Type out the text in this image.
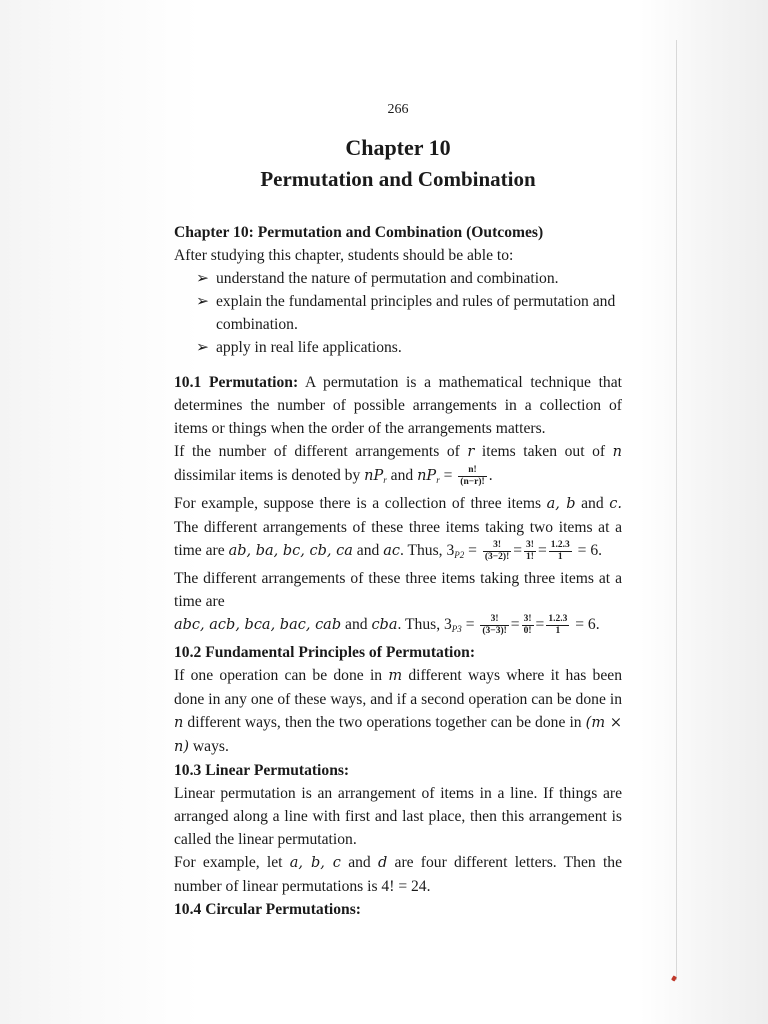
266
Chapter 10
Permutation and Combination

Chapter 10: Permutation and Combination (Outcomes)

After studying this chapter, students should be able to:

➢ understand the nature of permutation and combination.
➢ explain the fundamental principles and rules of permutation and
combination.
➢ apply in real life applications.

10.1 Permutation: A permutation is a mathematical technique that determines the number of possible arrangements in a collection of items or things when the order of the arrangements matters.

If the number of different arrangements of r items taken out of n dissimilar items is denoted by $nP_r$ and $nP_r = \frac{n!}{(n-r)!}$ .

For example, suppose there is a collection of three items a, b and c. The different arrangements of these three items taking two items at a time are ab, ba, bc, cb, ca and ac. Thus, $3_{P2} = \frac{3!}{(3-2)!} = \frac{3!}{1!} = \frac{1.2.3}{1} = 6$.

The different arrangements of these three items taking three items at a time are

abc, acb, bca, bac, cab and cba. Thus, $3_{P3} = \frac{3!}{(3-3)!} = \frac{3!}{0!} = \frac{1.2.3}{1} = 6$.

10.2 Fundamental Principles of Permutation:

If one operation can be done in m different ways where it has been done in any one of these ways, and if a second operation can be done in n different ways, then the two operations together can be done in (m × n) ways.

10.3 Linear Permutations:

Linear permutation is an arrangement of items in a line. If things are arranged along a line with first and last place, then this arrangement is called the linear permutation.

For example, let a, b, c and d are four different letters. Then the number of linear permutations is 4! = 24.

10.4 Circular Permutations:
